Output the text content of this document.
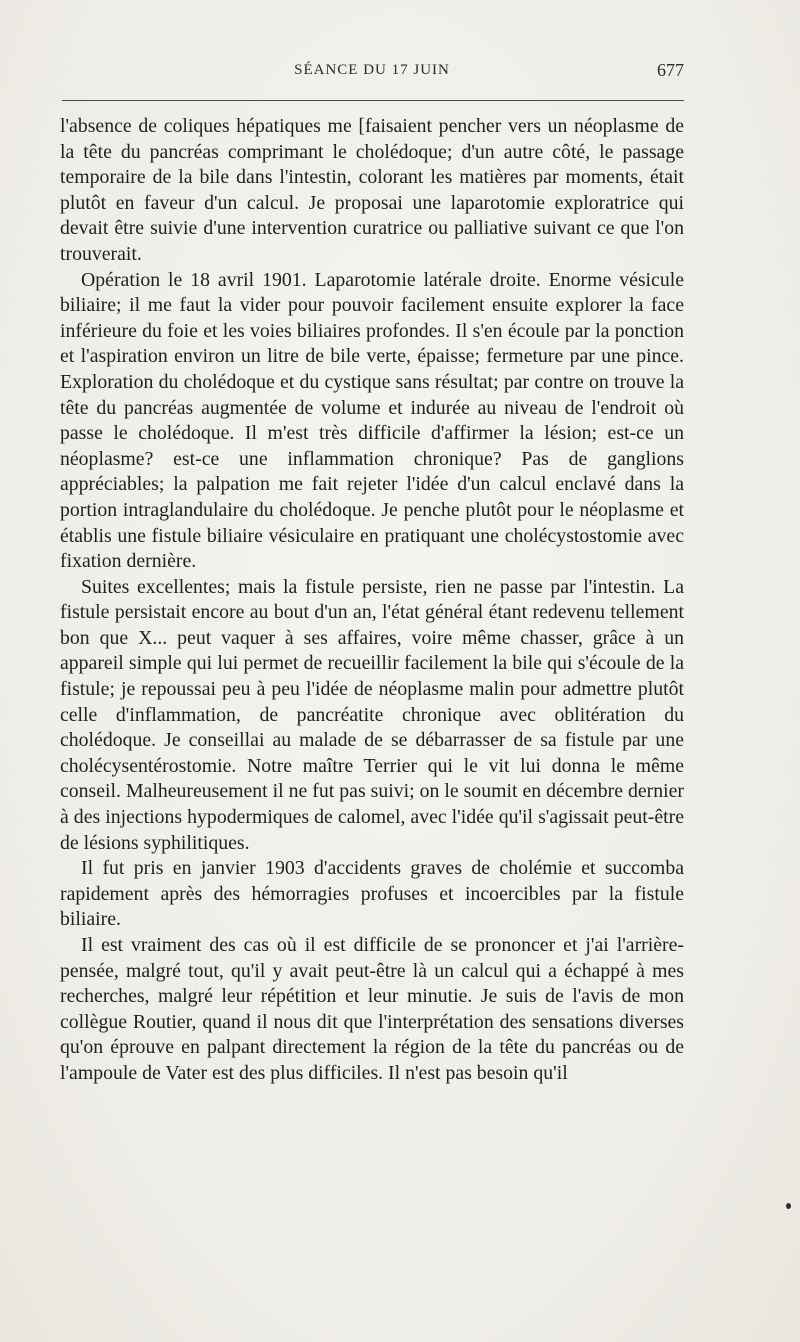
SÉANCE DU 17 JUIN	677

l'absence de coliques hépatiques me [faisaient pencher vers un néoplasme de la tête du pancréas comprimant le cholédoque; d'un autre côté, le passage temporaire de la bile dans l'intestin, colorant les matières par moments, était plutôt en faveur d'un calcul. Je proposai une laparotomie exploratrice qui devait être suivie d'une intervention curatrice ou palliative suivant ce que l'on trouverait.

Opération le 18 avril 1901. Laparotomie latérale droite. Enorme vésicule biliaire; il me faut la vider pour pouvoir facilement ensuite explorer la face inférieure du foie et les voies biliaires profondes. Il s'en écoule par la ponction et l'aspiration environ un litre de bile verte, épaisse; fermeture par une pince. Exploration du cholédoque et du cystique sans résultat; par contre on trouve la tête du pancréas augmentée de volume et indurée au niveau de l'endroit où passe le cholédoque. Il m'est très difficile d'affirmer la lésion; est-ce un néoplasme? est-ce une inflammation chronique? Pas de ganglions appréciables; la palpation me fait rejeter l'idée d'un calcul enclavé dans la portion intraglandulaire du cholédoque. Je penche plutôt pour le néoplasme et établis une fistule biliaire vésiculaire en pratiquant une cholécystostomie avec fixation dernière.

Suites excellentes; mais la fistule persiste, rien ne passe par l'intestin. La fistule persistait encore au bout d'un an, l'état général étant redevenu tellement bon que X... peut vaquer à ses affaires, voire même chasser, grâce à un appareil simple qui lui permet de recueillir facilement la bile qui s'écoule de la fistule; je repoussai peu à peu l'idée de néoplasme malin pour admettre plutôt celle d'inflammation, de pancréatite chronique avec oblitération du cholédoque. Je conseillai au malade de se débarrasser de sa fistule par une cholécysentérostomie. Notre maître Terrier qui le vit lui donna le même conseil. Malheureusement il ne fut pas suivi; on le soumit en décembre dernier à des injections hypodermiques de calomel, avec l'idée qu'il s'agissait peut-être de lésions syphilitiques.

Il fut pris en janvier 1903 d'accidents graves de cholémie et succomba rapidement après des hémorragies profuses et incoercibles par la fistule biliaire.

Il est vraiment des cas où il est difficile de se prononcer et j'ai l'arrière-pensée, malgré tout, qu'il y avait peut-être là un calcul qui a échappé à mes recherches, malgré leur répétition et leur minutie. Je suis de l'avis de mon collègue Routier, quand il nous dit que l'interprétation des sensations diverses qu'on éprouve en palpant directement la région de la tête du pancréas ou de l'ampoule de Vater est des plus difficiles. Il n'est pas besoin qu'il
